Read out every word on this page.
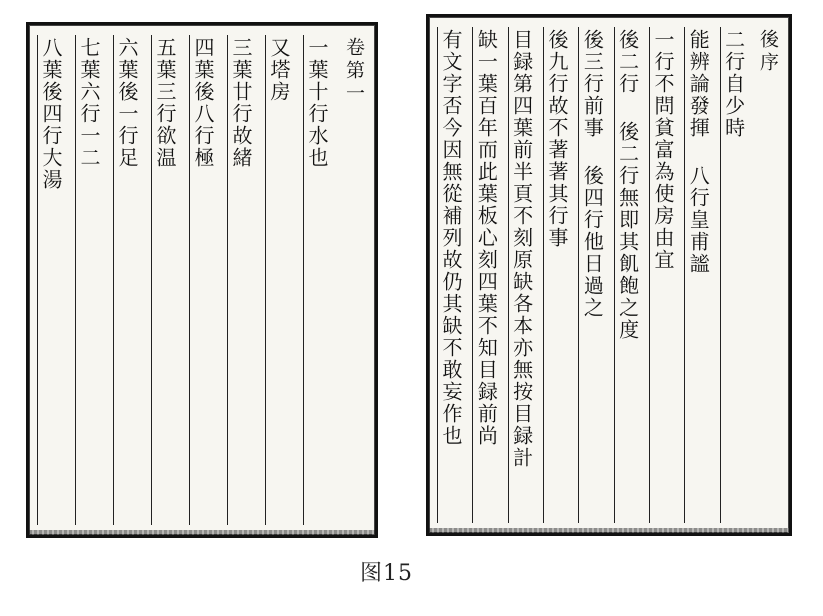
卷第一
一葉十行水也
又塔房
三葉廿行故緒
四葉後八行極
五葉三行欲温
六葉後一行足
七葉六行一二
八葉後四行大湯	後序
二行自少時
能辨論發揮 八行皇甫謐
一行不問貧富為使房由宜
後二行 後二行無即其飢飽之度
後三行前事 後四行他日過之
後九行故不著著其行事
目録第四葉前半頁不刻原缺各本亦無按目録計
缺一葉百年而此葉板心刻四葉不知目録前尚
有文字否今因無從補列故仍其缺不敢妄作也
图15
